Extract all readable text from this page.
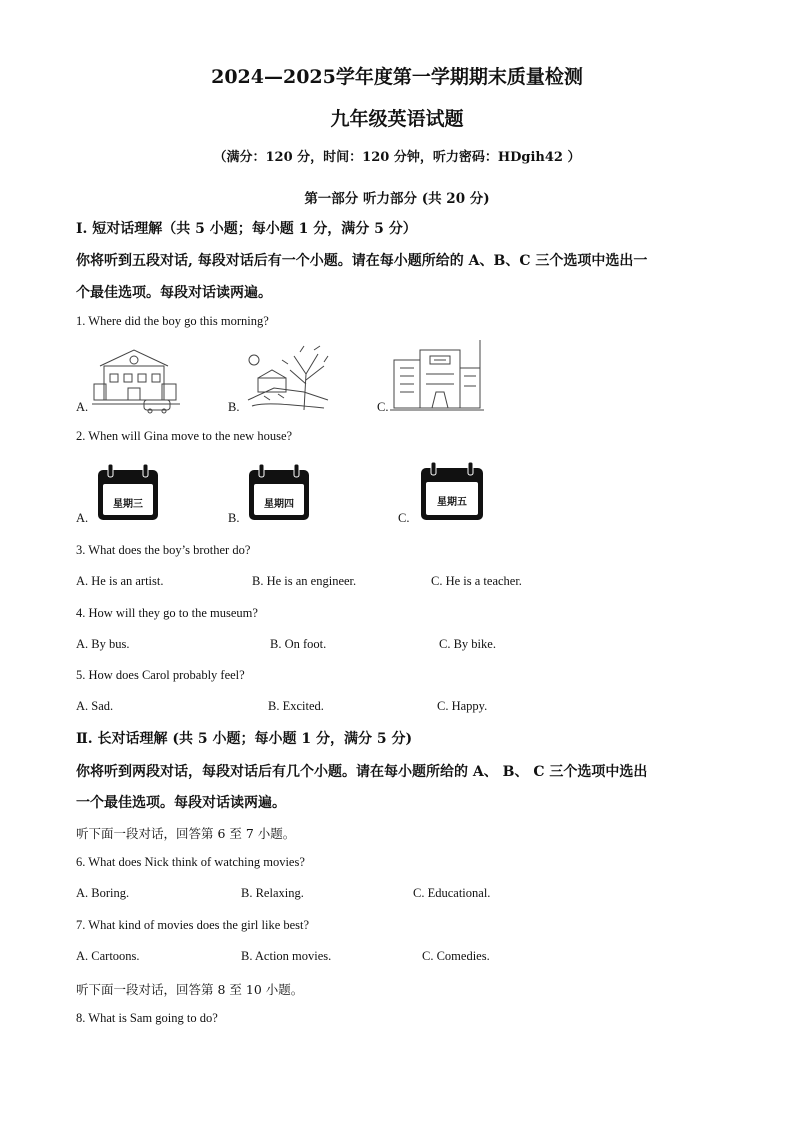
2024—2025学年度第一学期期末质量检测
九年级英语试题
（满分：120 分，时间：120 分钟，听力密码：HDgih42 ）
第一部分 听力部分 (共 20 分)
I. 短对话理解（共 5 小题；每小题 1 分，满分 5 分）
你将听到五段对话, 每段对话后有一个小题。请在每小题所给的 A、B、C 三个选项中选出一
个最佳选项。每段对话读两遍。
1. Where did the boy go this morning?
A.	B.	C.
2. When will Gina move to the new house?
A.
星期三
B.
星期四
C.
星期五
3. What does the boy’s brother do?
A. He is an artist.	B. He is an engineer.	C. He is a teacher.
4. How will they go to the museum?
A. By bus.	B. On foot.	C. By bike.
5. How does Carol probably feel?
A. Sad.	B. Excited.	C. Happy.
Ⅱ. 长对话理解 (共 5 小题；每小题 1 分，满分 5 分)
你将听到两段对话，每段对话后有几个小题。请在每小题所给的 A、 B、 C 三个选项中选出
一个最佳选项。每段对话读两遍。
听下面一段对话，回答第 6 至 7 小题。
6. What does Nick think of watching movies?
A. Boring.	B. Relaxing.	C. Educational.
7. What kind of movies does the girl like best?
A. Cartoons.	B. Action movies.	C. Comedies.
听下面一段对话，回答第 8 至 10 小题。
8. What is Sam going to do?
